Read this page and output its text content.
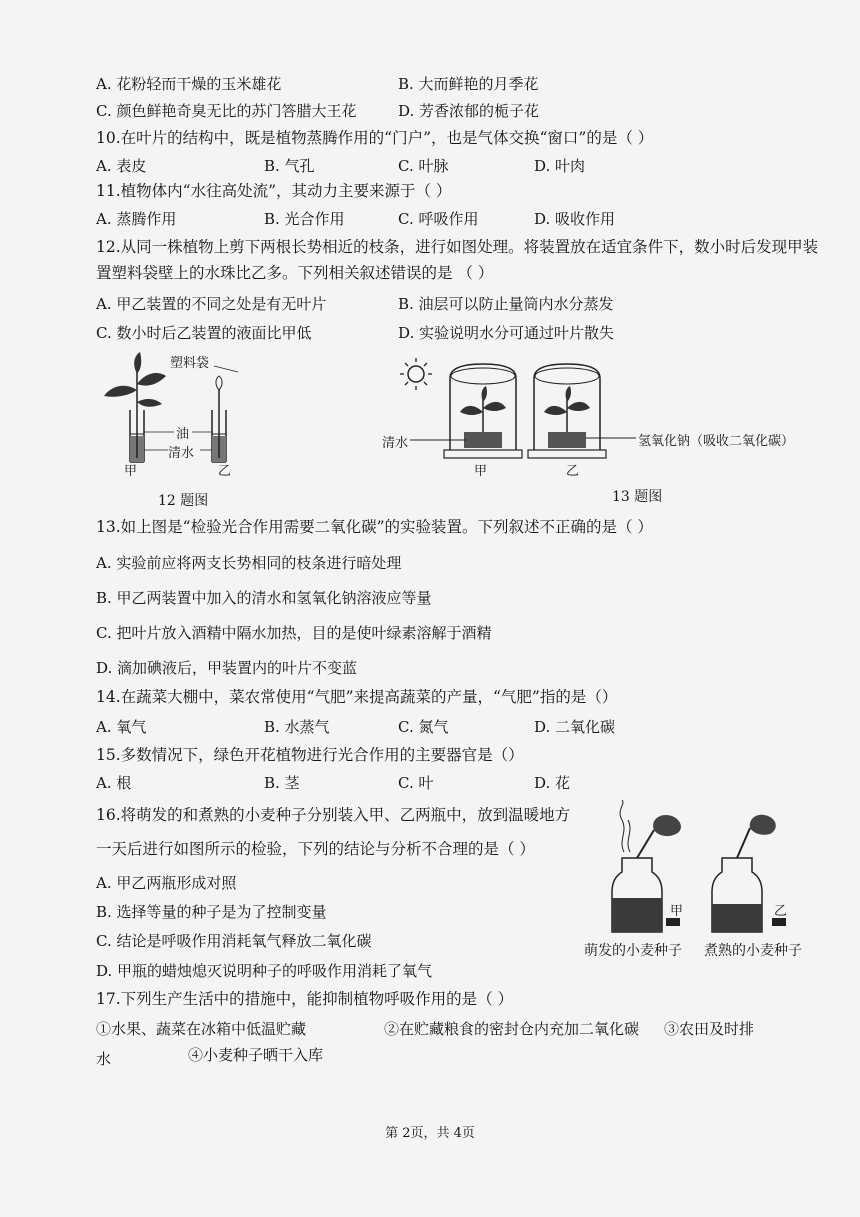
A. 花粉轻而干燥的玉米雄花	B. 大而鲜艳的月季花
C. 颜色鲜艳奇臭无比的苏门答腊大王花	D. 芳香浓郁的栀子花
10.在叶片的结构中，既是植物蒸腾作用的“门户”，也是气体交换“窗口”的是（ ）
A. 表皮	B. 气孔	C. 叶脉	D. 叶肉
11.植物体内“水往高处流”，其动力主要来源于（ ）
A. 蒸腾作用	B. 光合作用	C. 呼吸作用	D. 吸收作用
12.从同一株植物上剪下两根长势相近的枝条，进行如图处理。将装置放在适宜条件下，数小时后发现甲装
置塑料袋壁上的水珠比乙多。下列相关叙述错误的是 （ ）
A. 甲乙装置的不同之处是有无叶片	B. 油层可以防止量筒内水分蒸发
C. 数小时后乙装置的液面比甲低	D. 实验说明水分可通过叶片散失
塑料袋
油
清水
甲	乙
12 题图
清水	氢氧化钠（吸收二氧化碳）
甲	乙
13 题图
13.如上图是“检验光合作用需要二氧化碳”的实验装置。下列叙述不正确的是（ ）
A. 实验前应将两支长势相同的枝条进行暗处理
B. 甲乙两装置中加入的清水和氢氧化钠溶液应等量
C. 把叶片放入酒精中隔水加热，目的是使叶绿素溶解于酒精
D. 滴加碘液后，甲装置内的叶片不变蓝
14.在蔬菜大棚中，菜农常使用“气肥”来提高蔬菜的产量，“气肥”指的是（）
A. 氧气	B. 水蒸气	C. 氮气	D. 二氧化碳
15.多数情况下，绿色开花植物进行光合作用的主要器官是（）
A. 根	B. 茎	C. 叶	D. 花
16.将萌发的和煮熟的小麦种子分别装入甲、乙两瓶中，放到温暖地方
一天后进行如图所示的检验，下列的结论与分析不合理的是（ ）
A. 甲乙两瓶形成对照
B. 选择等量的种子是为了控制变量
C. 结论是呼吸作用消耗氧气释放二氧化碳
D. 甲瓶的蜡烛熄灭说明种子的呼吸作用消耗了氧气
甲	乙
萌发的小麦种子 煮熟的小麦种子
17.下列生产生活中的措施中，能抑制植物呼吸作用的是（ ）
①水果、蔬菜在冰箱中低温贮藏	②在贮藏粮食的密封仓内充加二氧化碳 ③农田及时排
水	④小麦种子晒干入库
第 2页，共 4页
